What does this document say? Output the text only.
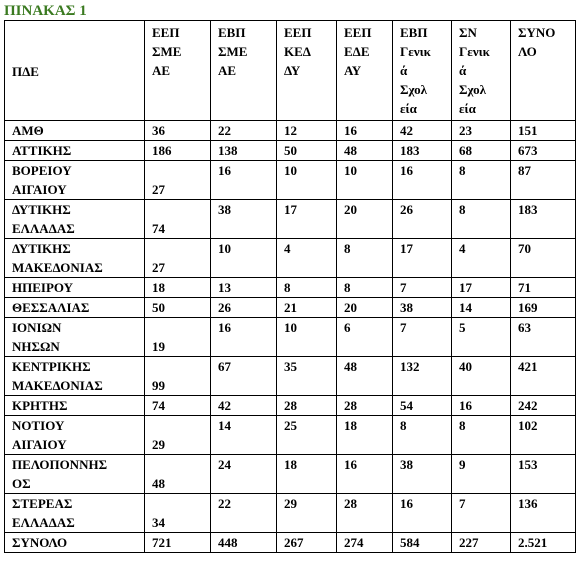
ΠΙΝΑΚΑΣ 1
ΠΔΕ	ΕΕΠ
ΣΜΕ
ΑΕ	ΕΒΠ
ΣΜΕ
ΑΕ	ΕΕΠ
ΚΕΔ
ΔΥ	ΕΕΠ
ΕΔΕ
ΑΥ	ΕΒΠ
Γενικ
ά
Σχολ
εία	ΣΝ
Γενικ
ά
Σχολ
εία	ΣΥΝΟ
ΛΟ

ΑΜΘ	36	22	12	16	42	23	151

ΑΤΤΙΚΗΣ	186	138	50	48	183	68	673

ΒΟΡΕΙΟΥ
ΑΙΓΑΙΟΥ	27	16	10	10	16	8	87

ΔΥΤΙΚΗΣ
ΕΛΛΑΔΑΣ	74	38	17	20	26	8	183

ΔΥΤΙΚΗΣ
ΜΑΚΕΔΟΝΙΑΣ	27	10	4	8	17	4	70

ΗΠΕΙΡΟΥ	18	13	8	8	7	17	71

ΘΕΣΣΑΛΙΑΣ	50	26	21	20	38	14	169

ΙΟΝΙΩΝ
ΝΗΣΩΝ	19	16	10	6	7	5	63

ΚΕΝΤΡΙΚΗΣ
ΜΑΚΕΔΟΝΙΑΣ	99	67	35	48	132	40	421

ΚΡΗΤΗΣ	74	42	28	28	54	16	242

ΝΟΤΙΟΥ
ΑΙΓΑΙΟΥ	29	14	25	18	8	8	102

ΠΕΛΟΠΟΝΝΗΣ
ΟΣ	48	24	18	16	38	9	153

ΣΤΕΡΕΑΣ
ΕΛΛΑΔΑΣ	34	22	29	28	16	7	136

ΣΥΝΟΛΟ	721	448	267	274	584	227	2.521
